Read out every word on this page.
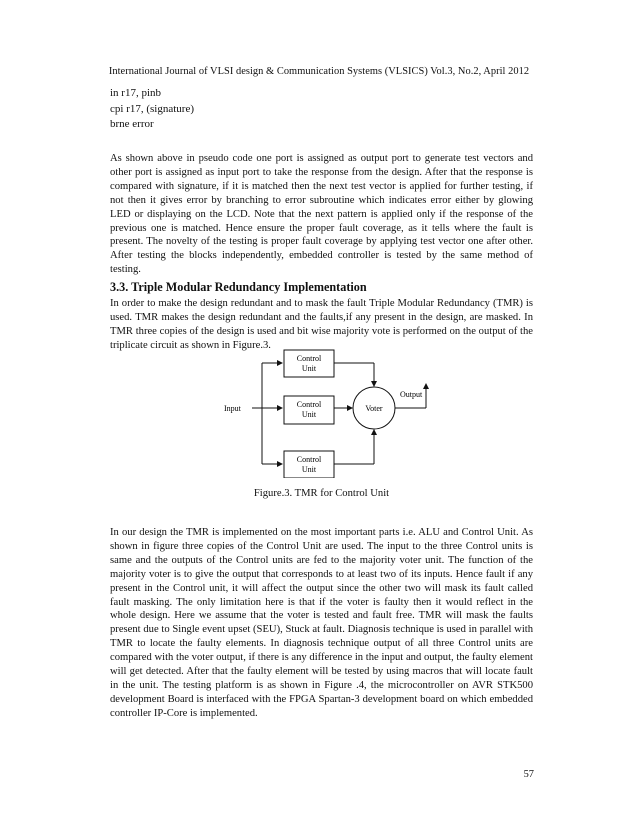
International Journal of VLSI design & Communication Systems (VLSICS) Vol.3, No.2, April 2012
in r17, pinb
cpi r17, (signature)
brne error

As shown above in pseudo code one port is assigned as output port to generate test vectors and other port is assigned as input port to take the response from the design. After that the response is compared with signature, if it is matched then the next test vector is applied for further testing, if not then it gives error by branching to error subroutine which indicates error either by glowing LED or displaying on the LCD. Note that the next pattern is applied only if the response of the previous one is matched. Hence ensure the proper fault coverage, as it tells where the fault is present. The novelty of the testing is proper fault coverage by applying test vector one after other. After testing the blocks independently, embedded controller is tested by the same method of testing.

3.3. Triple Modular Redundancy Implementation

In order to make the design redundant and to mask the fault Triple Modular Redundancy (TMR) is used. TMR makes the design redundant and the faults,if any present in the design, are masked. In TMR three copies of the design is used and bit wise majority vote is performed on the output of the triplicate circuit as shown in Figure.3.

Input
Output
Voter
Control
Unit
Control
Unit
Control
Unit
Figure.3. TMR for Control Unit

In our design the TMR is implemented on the most important parts i.e. ALU and Control Unit. As shown in figure three copies of the Control Unit are used. The input to the three Control units is same and the outputs of the Control units are fed to the majority voter unit. The function of the majority voter is to give the output that corresponds to at least two of its inputs. Hence fault if any present in the Control unit, it will affect the output since the other two will mask its fault called fault masking. The only limitation here is that if the voter is faulty then it would reflect in the whole design. Here we assume that the voter is tested and fault free. TMR will mask the faults present due to Single event upset (SEU), Stuck at fault. Diagnosis technique is used in parallel with TMR to locate the faulty elements. In diagnosis technique output of all three Control units are compared with the voter output, if there is any difference in the input and output, the faulty element will get detected. After that the faulty element will be tested by using macros that will locate fault in the unit. The testing platform is as shown in Figure .4, the microcontroller on AVR STK500 development Board is interfaced with the FPGA Spartan-3 development board on which embedded controller IP-Core is implemented.

57
